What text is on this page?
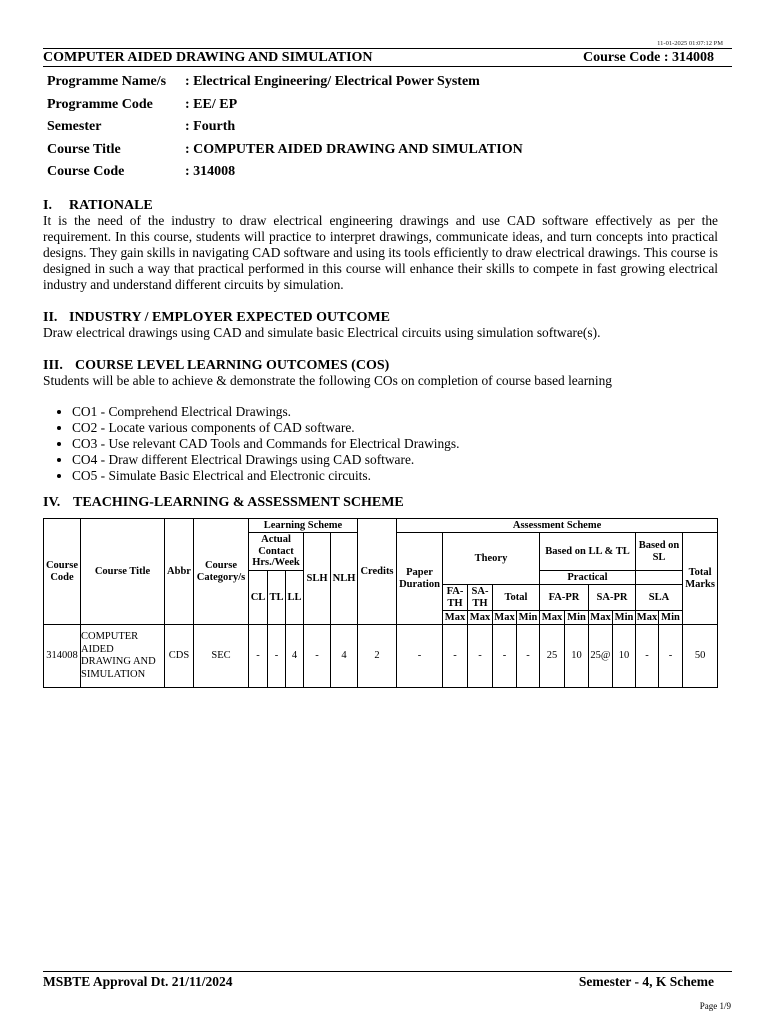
11-01-2025 01:07:12 PM
COMPUTER AIDED DRAWING AND SIMULATION	Course Code : 314008
Programme Name/s	: Electrical Engineering/ Electrical Power System
Programme Code	: EE/ EP
Semester	: Fourth
Course Title	: COMPUTER AIDED DRAWING AND SIMULATION
Course Code	: 314008
I. RATIONALE
It is the need of the industry to draw electrical engineering drawings and use CAD software effectively as per the requirement. In this course, students will practice to interpret drawings, communicate ideas, and turn concepts into practical designs. They gain skills in navigating CAD software and using its tools efficiently to draw electrical drawings. This course is designed in such a way that practical performed in this course will enhance their skills to compete in fast growing electrical industry and understand different circuits by simulation.
II. INDUSTRY / EMPLOYER EXPECTED OUTCOME
Draw electrical drawings using CAD and simulate basic Electrical circuits using simulation software(s).
III. COURSE LEVEL LEARNING OUTCOMES (COS)
Students will be able to achieve & demonstrate the following COs on completion of course based learning
• CO1 - Comprehend Electrical Drawings.
• CO2 - Locate various components of CAD software.
• CO3 - Use relevant CAD Tools and Commands for Electrical Drawings.
• CO4 - Draw different Electrical Drawings using CAD software.
• CO5 - Simulate Basic Electrical and Electronic circuits.
IV. TEACHING-LEARNING & ASSESSMENT SCHEME
Course Code	Course Title	Abbr	Course Category/s	Learning Scheme					Credits	Assessment Scheme											
				Actual Contact Hrs./Week			SLH	NLH		Paper Duration	Theory				Based on LL & TL				Based on SL		Total Marks
				CL	TL	LL									Practical						
											FA-TH	SA-TH	Total		FA-PR		SA-PR		SLA		
											Max	Max	Max	Min	Max	Min	Max	Min	Max	Min	
314008	COMPUTER AIDED DRAWING AND SIMULATION	CDS	SEC	-	-	4	-	4	2	-	-	-	-	-	25	10	25@	10	-	-	50
MSBTE Approval Dt. 21/11/2024	Semester - 4, K Scheme
Page 1/9
